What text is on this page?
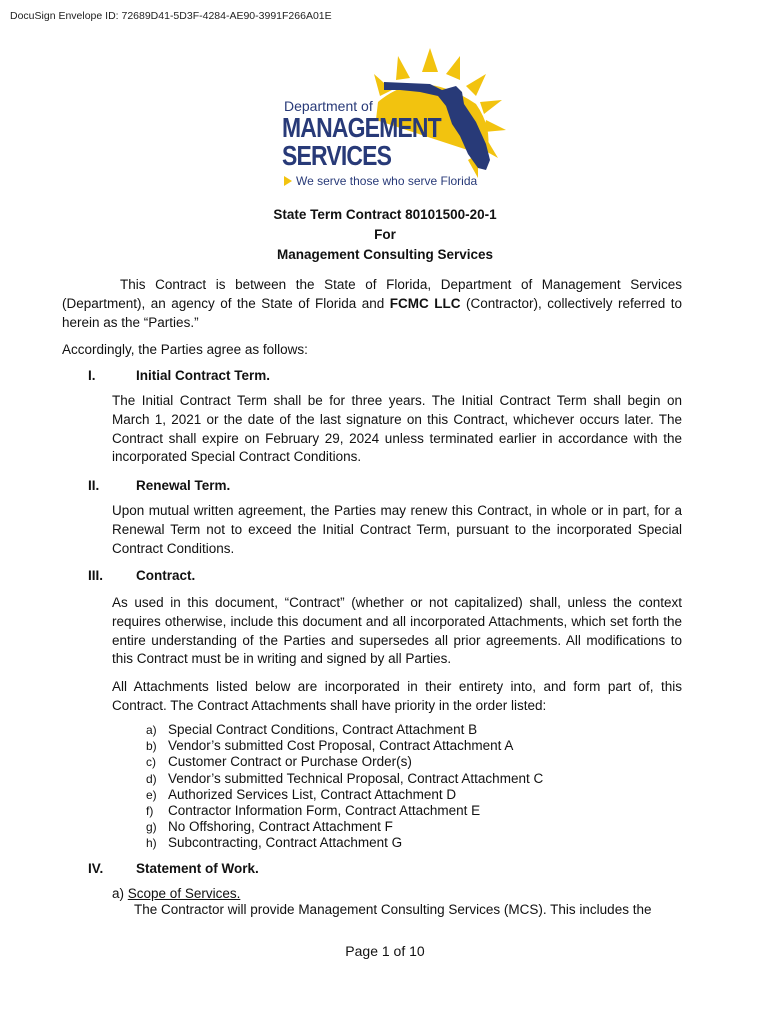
DocuSign Envelope ID: 72689D41-5D3F-4284-AE90-3991F266A01E
Department of
MANAGEMENT
SERVICES
We serve those who serve Florida
State Term Contract 80101500-20-1
For
Management Consulting Services
This Contract is between the State of Florida, Department of Management Services (Department), an agency of the State of Florida and FCMC LLC (Contractor), collectively referred to herein as the “Parties.”
Accordingly, the Parties agree as follows:
I.	Initial Contract Term.
The Initial Contract Term shall be for three years. The Initial Contract Term shall begin on March 1, 2021 or the date of the last signature on this Contract, whichever occurs later. The Contract shall expire on February 29, 2024 unless terminated earlier in accordance with the incorporated Special Contract Conditions.
II.	Renewal Term.
Upon mutual written agreement, the Parties may renew this Contract, in whole or in part, for a Renewal Term not to exceed the Initial Contract Term, pursuant to the incorporated Special Contract Conditions.
III. Contract.
As used in this document, “Contract” (whether or not capitalized) shall, unless the context requires otherwise, include this document and all incorporated Attachments, which set forth the entire understanding of the Parties and supersedes all prior agreements. All modifications to this Contract must be in writing and signed by all Parties.
All Attachments listed below are incorporated in their entirety into, and form part of, this Contract. The Contract Attachments shall have priority in the order listed:
a) Special Contract Conditions, Contract Attachment B
b) Vendor’s submitted Cost Proposal, Contract Attachment A
c) Customer Contract or Purchase Order(s)
d) Vendor’s submitted Technical Proposal, Contract Attachment C
e) Authorized Services List, Contract Attachment D
f) Contractor Information Form, Contract Attachment E
g) No Offshoring, Contract Attachment F
h) Subcontracting, Contract Attachment G
IV. Statement of Work.
a) Scope of Services.
The Contractor will provide Management Consulting Services (MCS). This includes the
Page 1 of 10
